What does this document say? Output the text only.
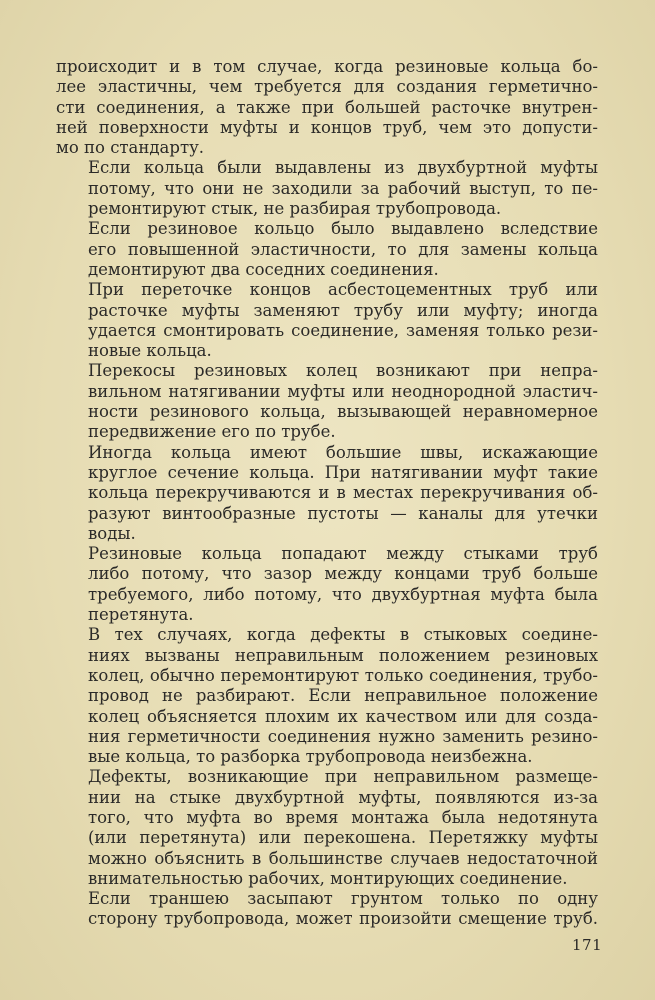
происходит и в том случае, когда резиновые кольца бо-
лее эластичны, чем требуется для создания герметично-
сти соединения, а также при большей расточке внутрен-
ней поверхности муфты и концов труб, чем это допусти-
мо по стандарту.

Если кольца были выдавлены из двухбуртной муфты
потому, что они не заходили за рабочий выступ, то пе-
ремонтируют стык, не разбирая трубопровода.

Если резиновое кольцо было выдавлено вследствие
его повышенной эластичности, то для замены кольца
демонтируют два соседних соединения.

При переточке концов асбестоцементных труб или
расточке муфты заменяют трубу или муфту; иногда
удается смонтировать соединение, заменяя только рези-
новые кольца.

Перекосы резиновых колец возникают при непра-
вильном натягивании муфты или неоднородной эластич-
ности резинового кольца, вызывающей неравномерное
передвижение его по трубе.

Иногда кольца имеют большие швы, искажающие
круглое сечение кольца. При натягивании муфт такие
кольца перекручиваются и в местах перекручивания об-
разуют винтообразные пустоты — каналы для утечки
воды.

Резиновые кольца попадают между стыками труб
либо потому, что зазор между концами труб больше
требуемого, либо потому, что двухбуртная муфта была
перетянута.

В тех случаях, когда дефекты в стыковых соедине-
ниях вызваны неправильным положением резиновых
колец, обычно перемонтируют только соединения, трубо-
провод не разбирают. Если неправильное положение
колец объясняется плохим их качеством или для созда-
ния герметичности соединения нужно заменить резино-
вые кольца, то разборка трубопровода неизбежна.

Дефекты, возникающие при неправильном размеще-
нии на стыке двухбуртной муфты, появляются из-за
того, что муфта во время монтажа была недотянута
(или перетянута) или перекошена. Перетяжку муфты
можно объяснить в большинстве случаев недостаточной
внимательностью рабочих, монтирующих соединение.

Если траншею засыпают грунтом только по одну
сторону трубопровода, может произойти смещение труб.

171
